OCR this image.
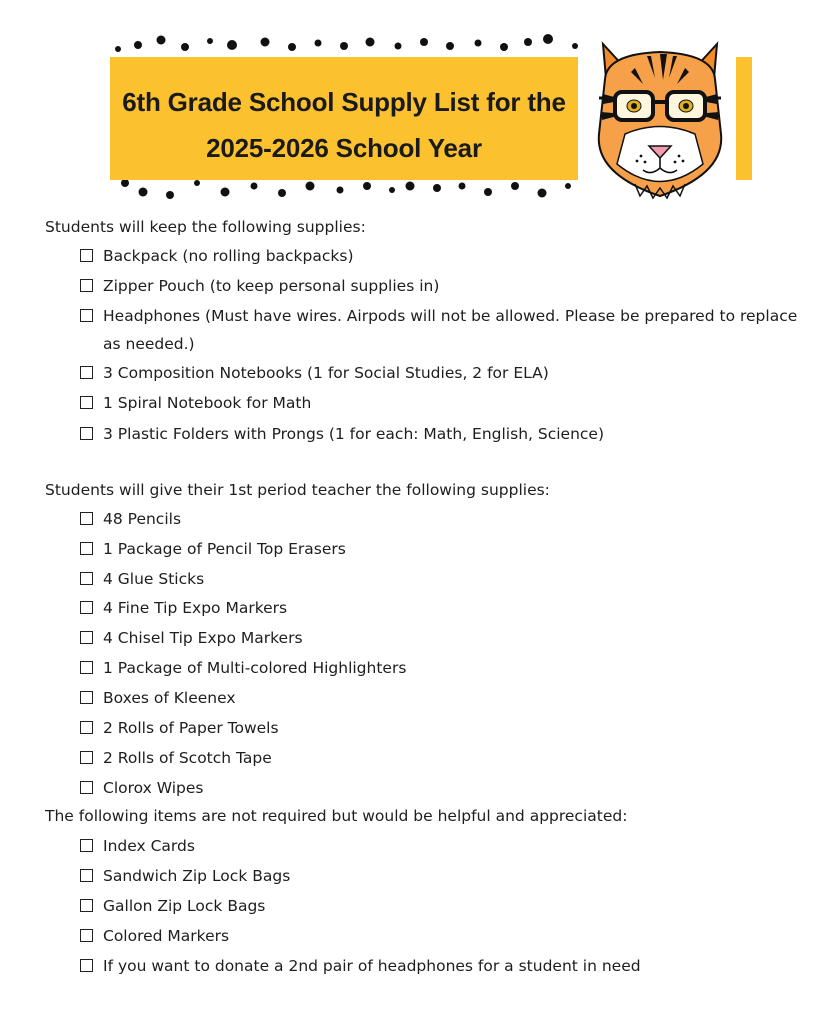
6th Grade School Supply List for the
2025-2026 School Year
Students will keep the following supplies:
Backpack (no rolling backpacks)
Zipper Pouch (to keep personal supplies in)
Headphones (Must have wires. Airpods will not be allowed. Please be prepared to replace as needed.)
3 Composition Notebooks (1 for Social Studies, 2 for ELA)
1 Spiral Notebook for Math
3 Plastic Folders with Prongs (1 for each: Math, English, Science)
Students will give their 1st period teacher the following supplies:
48 Pencils
1 Package of Pencil Top Erasers
4 Glue Sticks
4 Fine Tip Expo Markers
4 Chisel Tip Expo Markers
1 Package of Multi-colored Highlighters
Boxes of Kleenex
2 Rolls of Paper Towels
2 Rolls of Scotch Tape
Clorox Wipes
The following items are not required but would be helpful and appreciated:
Index Cards
Sandwich Zip Lock Bags
Gallon Zip Lock Bags
Colored Markers
If you want to donate a 2nd pair of headphones for a student in need
